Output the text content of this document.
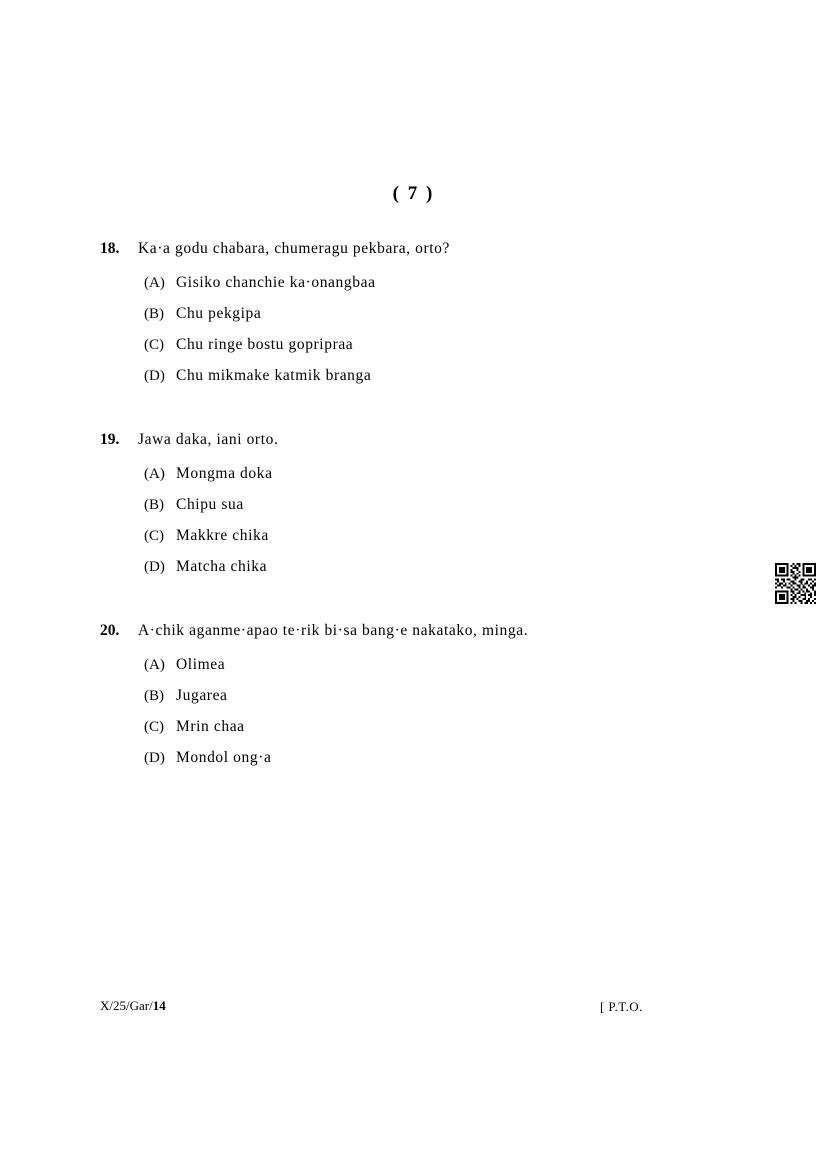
( 7 )
18.	Ka·a godu chabara, chumeragu pekbara, orto?
(A) Gisiko chanchie ka·onangbaa
(B) Chu pekgipa
(C) Chu ringe bostu gopripraa
(D) Chu mikmake katmik branga
19.	Jawa daka, iani orto.
(A) Mongma doka
(B) Chipu sua
(C) Makkre chika
(D) Matcha chika
20.	A·chik aganme·apao te·rik bi·sa bang·e nakatako, minga.
(A) Olimea
(B) Jugarea
(C) Mrin chaa
(D) Mondol ong·a
X/25/Gar/14	[ P.T.O.
